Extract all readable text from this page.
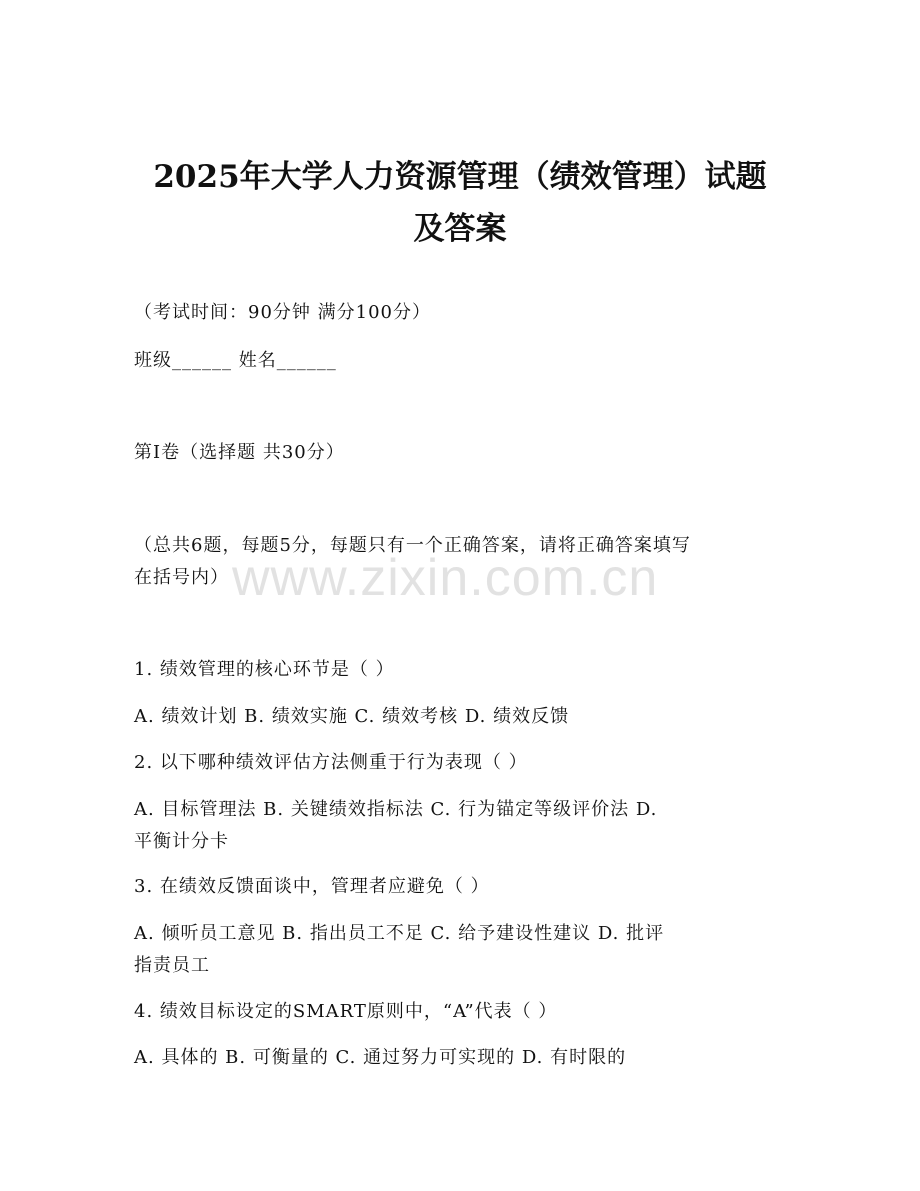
2025年大学人力资源管理（绩效管理）试题
及答案
（考试时间：90分钟 满分100分）
班级______ 姓名______
第I卷（选择题 共30分）
（总共6题，每题5分，每题只有一个正确答案，请将正确答案填写
在括号内） www.zixin.com.cn
1. 绩效管理的核心环节是（ ）
A. 绩效计划 B. 绩效实施 C. 绩效考核 D. 绩效反馈
2. 以下哪种绩效评估方法侧重于行为表现（ ）
A. 目标管理法 B. 关键绩效指标法 C. 行为锚定等级评价法 D.
平衡计分卡
3. 在绩效反馈面谈中，管理者应避免（ ）
A. 倾听员工意见 B. 指出员工不足 C. 给予建设性建议 D. 批评
指责员工
4. 绩效目标设定的SMART原则中，“A”代表（ ）
A. 具体的 B. 可衡量的 C. 通过努力可实现的 D. 有时限的
